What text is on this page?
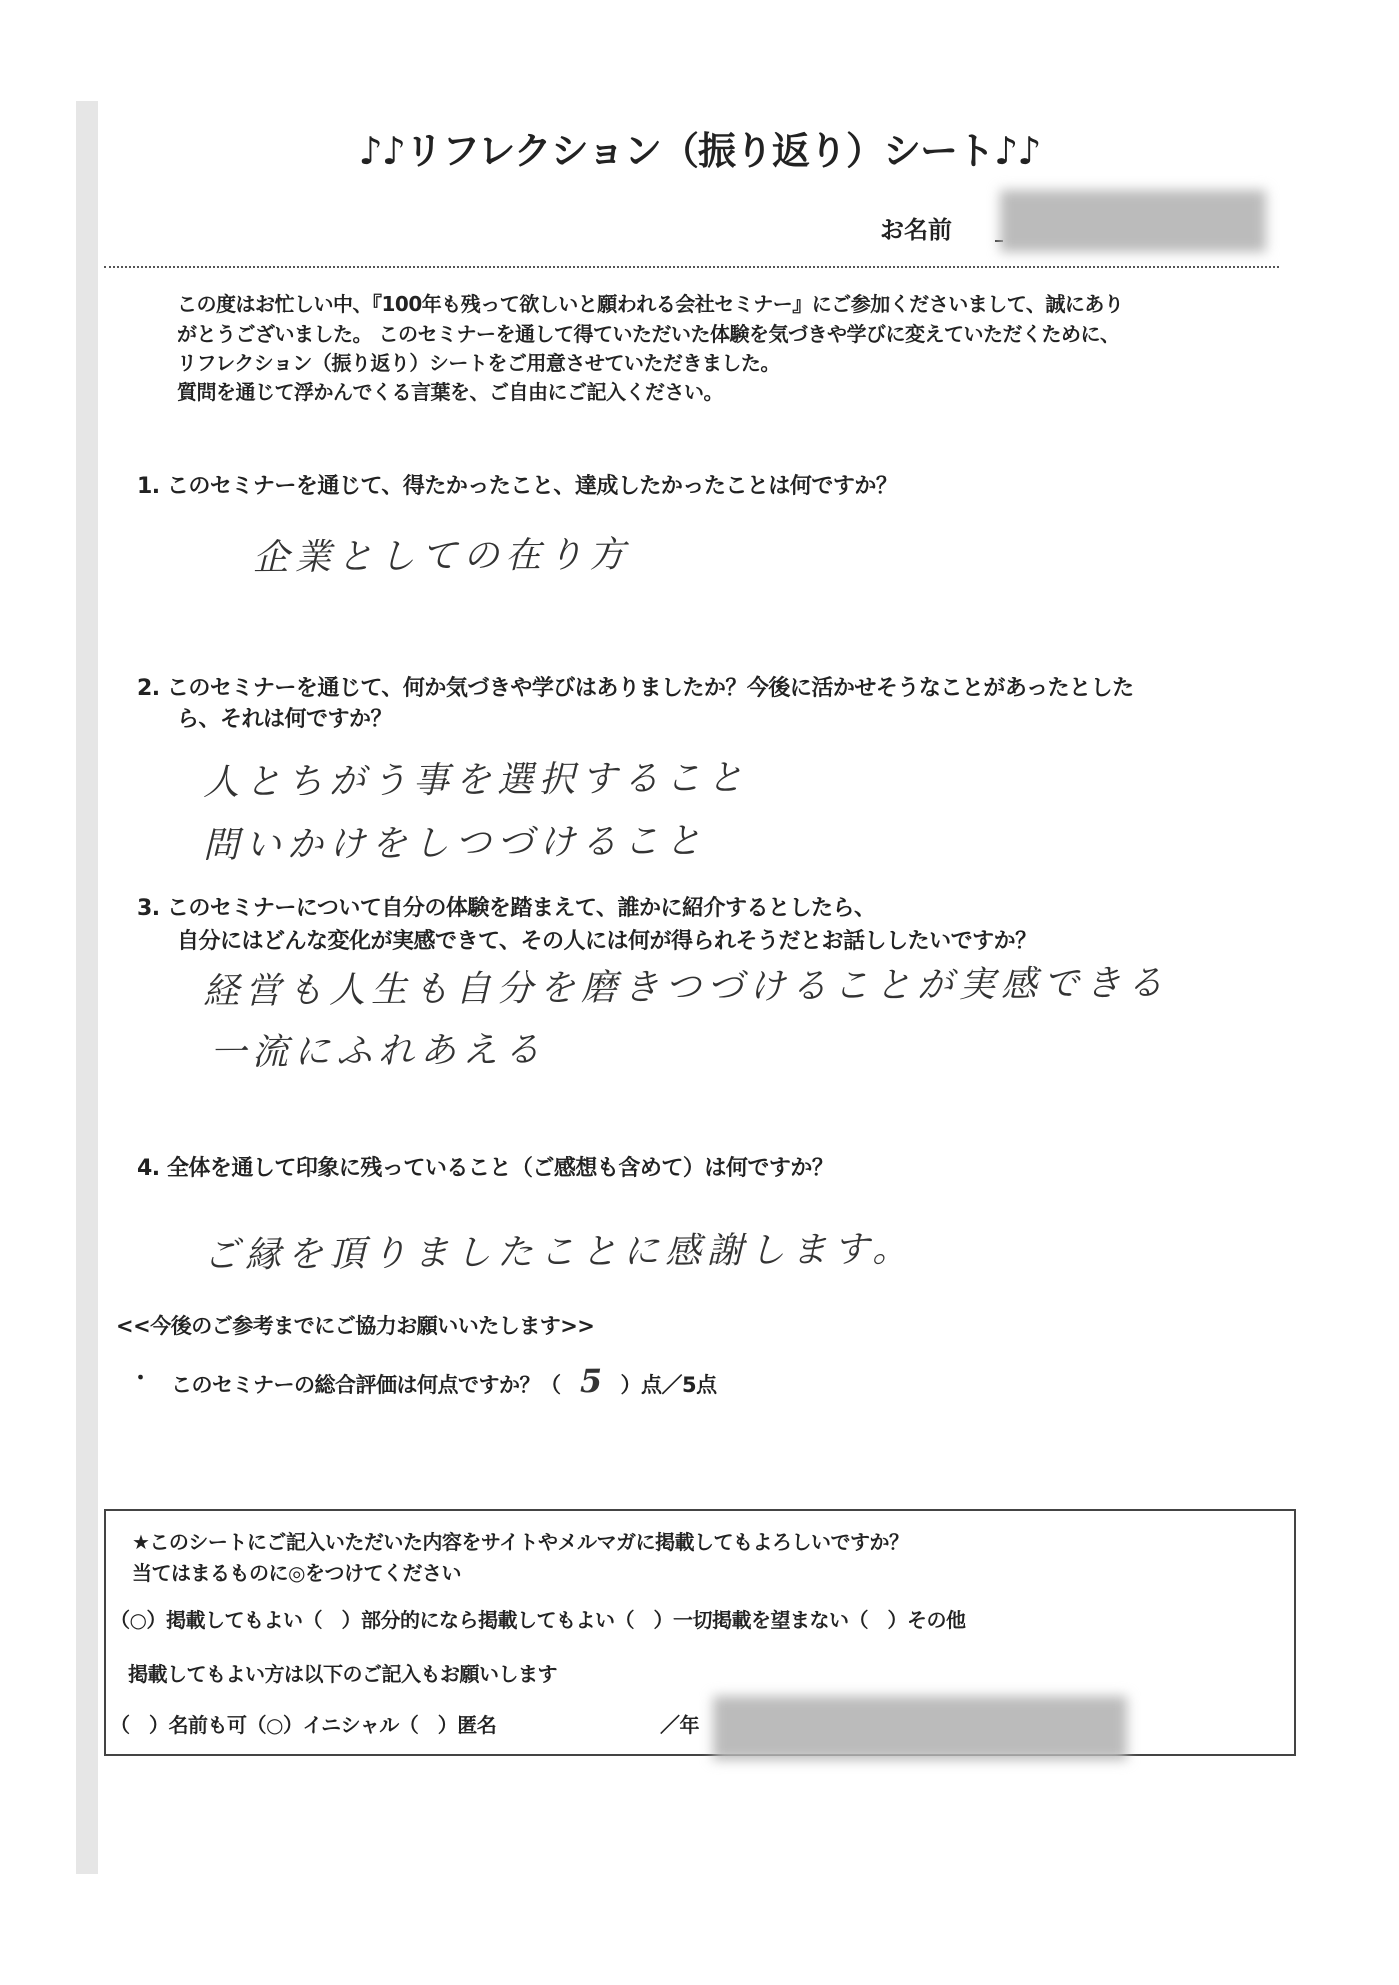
♪♪リフレクション（振り返り）シート♪♪
お名前
この度はお忙しい中、『100年も残って欲しいと願われる会社セミナー』にご参加くださいまして、誠にあり
がとうございました。 このセミナーを通して得ていただいた体験を気づきや学びに変えていただくために、
リフレクション（振り返り）シートをご用意させていただきました。
質問を通じて浮かんでくる言葉を、ご自由にご記入ください。
1. このセミナーを通じて、得たかったこと、達成したかったことは何ですか？
企業としての在り方
2. このセミナーを通じて、何か気づきや学びはありましたか？今後に活かせそうなことがあったとした
ら、それは何ですか？
人とちがう事を選択すること
問いかけをしつづけること
3. このセミナーについて自分の体験を踏まえて、誰かに紹介するとしたら、
自分にはどんな変化が実感できて、その人には何が得られそうだとお話ししたいですか？
経営も人生も自分を磨きつづけることが実感できる
一流にふれあえる
4. 全体を通して印象に残っていること（ご感想も含めて）は何ですか？
ご縁を頂りましたことに感謝します。
<<今後のご参考までにご協力お願いいたします>>
・ このセミナーの総合評価は何点ですか？（ 5 ）点／5点
★このシートにご記入いただいた内容をサイトやメルマガに掲載してもよろしいですか？
当てはまるものに◎をつけてください
（○）掲載してもよい（　）部分的になら掲載してもよい（　）一切掲載を望まない（　）その他
掲載してもよい方は以下のご記入もお願いします
（　）名前も可（○）イニシャル（　）匿名	／年
